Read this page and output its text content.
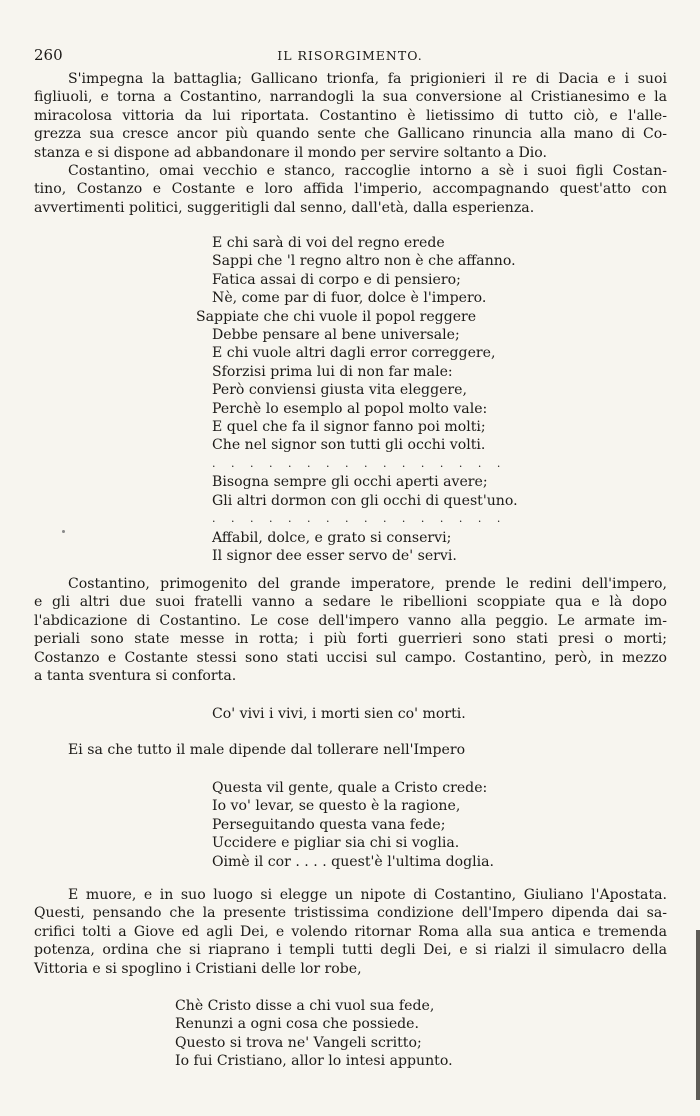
260	IL RISORGIMENTO.

S'impegna la battaglia; Gallicano trionfa, fa prigionieri il re di Dacia e i suoi
figliuoli, e torna a Costantino, narrandogli la sua conversione al Cristianesimo e la
miracolosa vittoria da lui riportata. Costantino è lietissimo di tutto ciò, e l'alle-
grezza sua cresce ancor più quando sente che Gallicano rinuncia alla mano di Co-
stanza e si dispone ad abbandonare il mondo per servire soltanto a Dio.

Costantino, omai vecchio e stanco, raccoglie intorno a sè i suoi figli Costan-
tino, Costanzo e Costante e loro affida l'imperio, accompagnando quest'atto con
avvertimenti politici, suggeritigli dal senno, dall'età, dalla esperienza.

E chi sarà di voi del regno erede
Sappi che 'l regno altro non è che affanno.
Fatica assai di corpo e di pensiero;
Nè, come par di fuor, dolce è l'impero.
Sappiate che chi vuole il popol reggere
Debbe pensare al bene universale;
E chi vuole altri dagli error correggere,
Sforzisi prima lui di non far male:
Però conviensi giusta vita eleggere,
Perchè lo esemplo al popol molto vale:
E quel che fa il signor fanno poi molti;
Che nel signor son tutti gli occhi volti.
. . . . . . . . . . . . . . . .
Bisogna sempre gli occhi aperti avere;
Gli altri dormon con gli occhi di quest'uno.
. . . . . . . . . . . . . . . .
Affabil, dolce, e grato si conservi;
Il signor dee esser servo de' servi.

Costantino, primogenito del grande imperatore, prende le redini dell'impero,
e gli altri due suoi fratelli vanno a sedare le ribellioni scoppiate qua e là dopo
l'abdicazione di Costantino. Le cose dell'impero vanno alla peggio. Le armate im-
periali sono state messe in rotta; i più forti guerrieri sono stati presi o morti;
Costanzo e Costante stessi sono stati uccisi sul campo. Costantino, però, in mezzo
a tanta sventura si conforta.

Co' vivi i vivi, i morti sien co' morti.

Ei sa che tutto il male dipende dal tollerare nell'Impero

Questa vil gente, quale a Cristo crede:
Io vo' levar, se questo è la ragione,
Perseguitando questa vana fede;
Uccidere e pigliar sia chi si voglia.
Oimè il cor . . . . quest'è l'ultima doglia.

E muore, e in suo luogo si elegge un nipote di Costantino, Giuliano l'Apostata.
Questi, pensando che la presente tristissima condizione dell'Impero dipenda dai sa-
crifici tolti a Giove ed agli Dei, e volendo ritornar Roma alla sua antica e tremenda
potenza, ordina che si riaprano i templi tutti degli Dei, e si rialzi il simulacro della
Vittoria e si spoglino i Cristiani delle lor robe,

Chè Cristo disse a chi vuol sua fede,
Renunzi a ogni cosa che possiede.
Questo si trova ne' Vangeli scritto;
Io fui Cristiano, allor lo intesi appunto.
